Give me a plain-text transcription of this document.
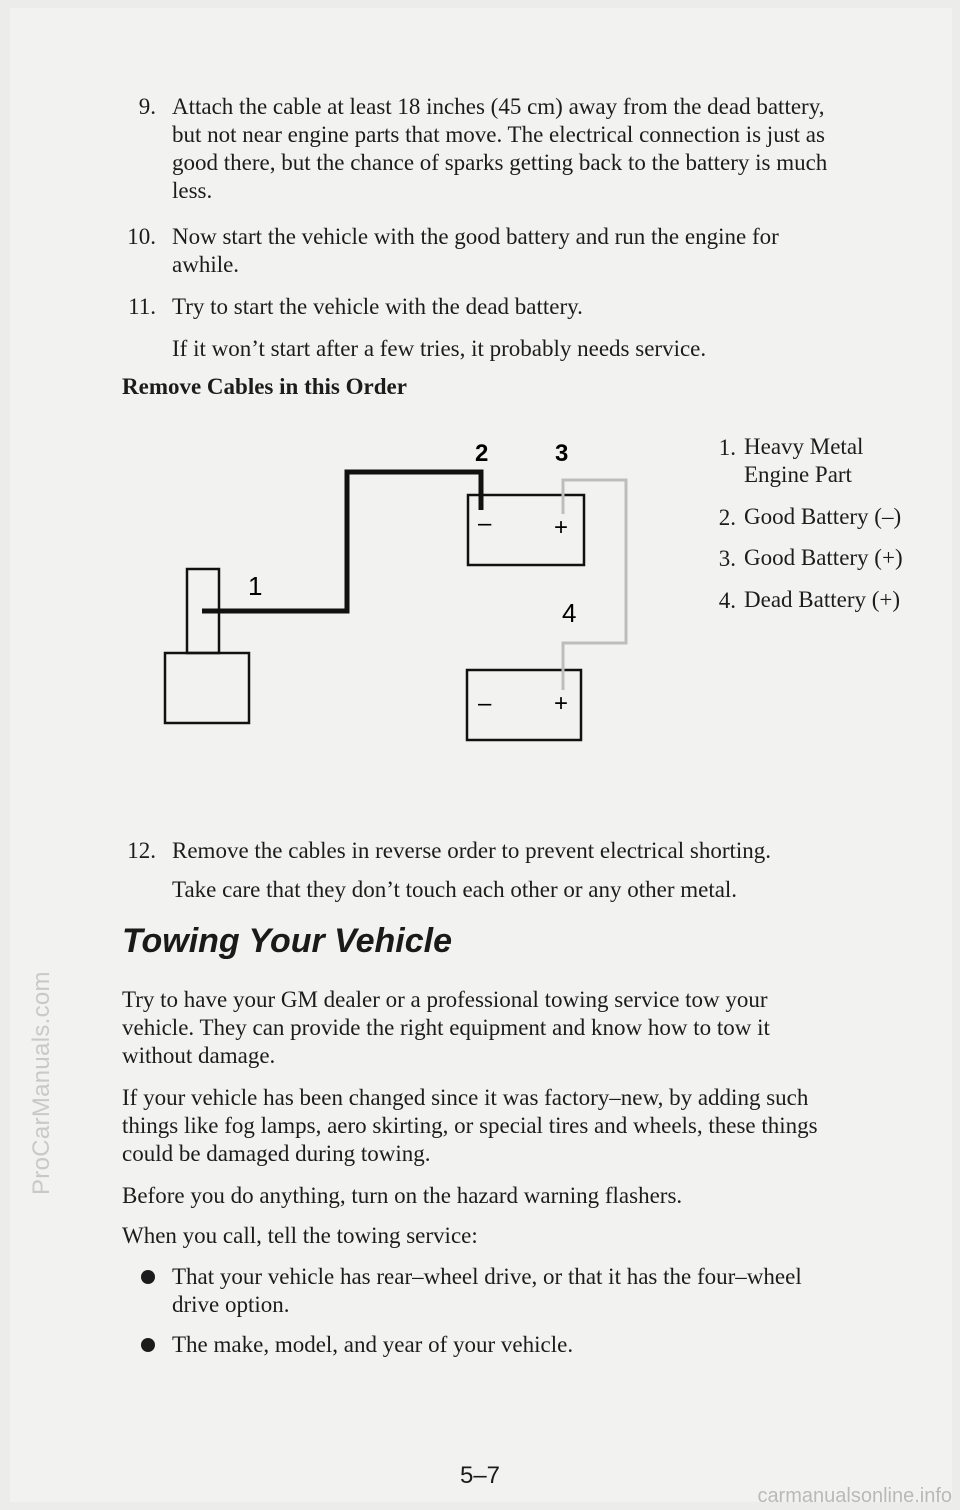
9. Attach the cable at least 18 inches (45 cm) away from the dead battery,
but not near engine parts that move. The electrical connection is just as
good there, but the chance of sparks getting back to the battery is much
less.
10. Now start the vehicle with the good battery and run the engine for
awhile.
11. Try to start the vehicle with the dead battery.
If it won’t start after a few tries, it probably needs service.
Remove Cables in this Order
1
2	3
4
–	+
–	+
1. Heavy Metal
Engine Part
2. Good Battery (–)
3. Good Battery (+)
4. Dead Battery (+)
12. Remove the cables in reverse order to prevent electrical shorting.
Take care that they don’t touch each other or any other metal.
Towing Your Vehicle
Try to have your GM dealer or a professional towing service tow your
vehicle. They can provide the right equipment and know how to tow it
without damage.
If your vehicle has been changed since it was factory–new, by adding such
things like fog lamps, aero skirting, or special tires and wheels, these things
could be damaged during towing.
Before you do anything, turn on the hazard warning flashers.
When you call, tell the towing service:
That your vehicle has rear–wheel drive, or that it has the four–wheel
drive option.
The make, model, and year of your vehicle.
5–7
ProCarManuals.com
carmanualsonline.info
